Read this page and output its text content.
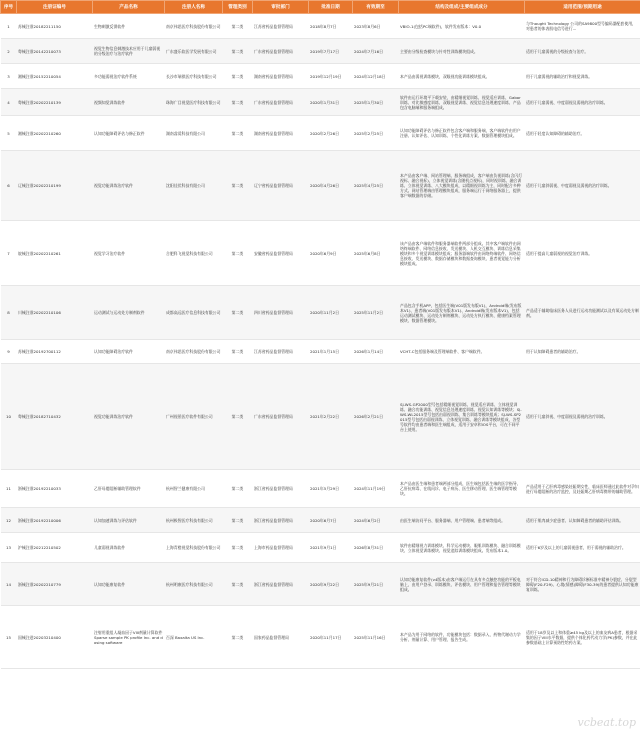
序号	注册证编号	产品名称	注册人名称	管理类别	审批部门	批准日期	有效期至	结构及组成/主要组成成分	适用范围/预期用途
1	苏械注准20182211150	生物刺激反馈软件	南京伟思医疗科技股份有限公司	第二类	江苏省药品监督管理局	2018年8月7日	2023年8月6日	VBIO-1(包括PC端软件)，软件发布版本：V0.0	与Thought Technology 公司的SA9800型号编码器配套使用，对患者的体表肌电信号进行...
2	粤械注准20142210073	视觉生物信息刺激技术应用于儿童弱视的分级治疗与治疗软件	广东盛乐软医学发展有限公司	第二类	广东省药品监督管理局	2019年7月17日	2024年7月16日	主要由分级检查模块与针对性训练模块组成。	适用于儿童弱视的分级检查与治疗。
3	湘械注准20152210054	多功能弱视治疗软件系统	长沙市瑞祺医疗科技有限公司	第二类	湖南省药品监督管理局	2019年12月19日	2024年12月18日	本产品由弱视训练模块，双眼视功能训练模块组成。	用于儿童弱视的辅助治疗和视觉训练。
4	粤械注准20202210139	视频知觉训练软件	珠海广目视觉医疗科技有限公司	第二类	广东省药品监督管理局	2020年1月31日	2025年1月30日	软件由运行环境平下载安装，由精细视觉训练、视觉适应训练、Gabor训练、对比敏感度训练、双眼视觉训练、视觉信息处理速度训练、产品包含电脑端和服务端组成。	适用于儿童弱视、中度弱视及弱视的治疗训练。
5	湘械注准20202210260	认知功能障碍评估与修正软件	湖南睿爱科技有限公司	第二类	湖南省药品监督管理局	2020年2月26日	2025年2月25日	认知功能障碍评估与修正软件包含客户端和服务端，客户端软件由用户注册、认知评估、认知训练、个性化训练方案、数据管理模块组成。	适用于轻度认知障碍的辅助治疗。
6	辽械注准20202210199	视觉功能训练治疗软件	沈阳佳伏科技有限公司	第二类	辽宁省药品监督管理局	2020年4月26日	2025年4月25日	本产品由客户端、网站管理端、服务端组成，客户端由负视训练(含闪灯视标、融合视标)，立体视觉训练(含随机点视标)，同时视训练、融合训练、立体视觉训练、八大模块组成，以精细视训练为主，同时配合多种方式。网站管理端由管理模块组成，服务端运行于网络服务器上，提供客户端数据的存储。	适用于儿童斜弱视、中度弱视及弱视的治疗训练。
7	皖械注准20202210261	视觉学习治疗软件	合肥科飞视觉科技有限公司	第二类	安徽省药品监督管理局	2020年6月9日	2025年6月8日	该产品由客户端软件和服务器端软件两部分组成。其中客户端软件由网络终端软件、网络信息接收、发送模块、人机交互模块、训练信息采集模块和多个视觉训练模块组成；服务器端软件由网络终端软件、网络信息接收、发送模块、数据存储模块和数据查询模块、患者视觉能力分析模块组成。	适用于提高儿童弱视的视觉治疗训练。
8	川械注准20202210106	运动测试与运动处方制剂软件	成都高远医疗信息科技有限公司	第二类	四川省药品监督管理局	2020年11月2日	2025年11月2日	产品包含手机APP，包括医生端(V01版发布版V1)，Android端(发布版本V1)、患者端(V01版发布版本V1)、Android端(发布版本V1)，包括运动测试模块、运动处方制剂模块、运动处方执行模块、健康档案管理模块、数据管理模块。	产品适于辅助临床医务人员进行运动功能测试以及有氧运动处方制剂。
9	苏械注准20192700112	认知功能障碍治疗软件	南京伟思医疗科技股份有限公司	第二类	江苏省药品监督管理局	2021年1月15日	2026年1月14日	VCHT-C包括服务端及管理端软件、客户端软件。	用于认知障碍患者的辅助治疗。
10	粤械注准20182710432	视觉功能训练治疗软件	广州视景医疗软件有限公司	第二类	广东省药品监督管理局	2021年2月22日	2026年2月21日	SJ-WS-GP2000型号包括精细视觉训练、视觉适应训练、立体视觉训练、融合功能训练、视觉信息处理速度训练、视觉认知训练等模块；SJ-WS-WL2015型号包括由弱视训练、集合训练等模块组成；SJ-WS-SP2015型号包括由弱视训练、立体视觉训练、融合训练等模块组成，各型号软件均由患者端和医生端组成，适用于安卓和iOS平台，可在不同平台上使用。	适用于儿童斜视、中度弱视及弱视的治疗训练。
11	浙械注准20192210033	乙肝母婴阻断辅助管理软件	杭州智兰健康有限公司	第二类	浙江省药品监督管理局	2021年5月29日	2024年11月19日	本产品由医生端和患者端两部分组成，医生端包括医生端的医学指导、乙肝抗病毒、在线问诊、电子病历、医生移动管理、医生端管理等模块。	产品适用于乙肝病毒感染妊娠期女性，临床医师通过此软件对孕妇进行母婴阻断的治疗监控，及妊娠期乙肝病毒携带的辅助管理。
12	浙械注准20192210006	认知加速训练与评估软件	杭州极智医疗科技有限公司	第二类	浙江省药品监督管理局	2020年6月7日	2024年6月2日	由医生端访问平台、服务器端、用户管理端、患者端等组成。	适用于肌肉减少症患者、认知障碍患者的辅助评估训练。
13	沪械注准20212210502	儿童弱视训练软件	上海青橙视觉科技股份有限公司	第二类	上海市药品监督管理局	2021年9月1日	2026年8月31日	软件由精细视力训练模块、科学运动模块、眼肌训练模块、融合训练模块、立体视觉训练模块、视觉追踪训练模块组成。发布版本1.0。	适用于6岁及以上的儿童弱视患者，用于弱视的辅助治疗。
14	浙械注准20202210779	认知功能康复软件	杭州明康医疗科技有限公司	第二类	浙江省药品监督管理局	2020年9月22日	2025年9月21日	认知功能康复软件(v4版本)由客户端运行在具有多点触控功能的平板电脑上，由用户登录、训练模块、评估模块、用户管理和报告管理等模块组成。	对于符合ICD-10精神和行为障碍诊断标准中精神分裂症、分裂型障碍(F20-F29)、心境(情感)障碍(F30-39)的患者提供认知功能康复训练。
15	国械注进20203210400	注射用重组人凝血因子VIII剂量计算软件 Sparse sample PK profile Inc. and dosing software	百深 Baxalta US Inc.	第二类	国家药品监督管理局	2020年11月17日	2025年11月16日	本产品为用于网络的软件，功能模块包括：数据录入、药物代谢动力学分析、剂量计算、用户管理、报告生成。	适用于18岁及以上和体重≥45 kg及以上的血友病A患者，根据采集的因子VIII水平数据，提供个体化药代动力学(PK)参数，并在此参数基础上计算预防性给药方案。
vcbeat.top
